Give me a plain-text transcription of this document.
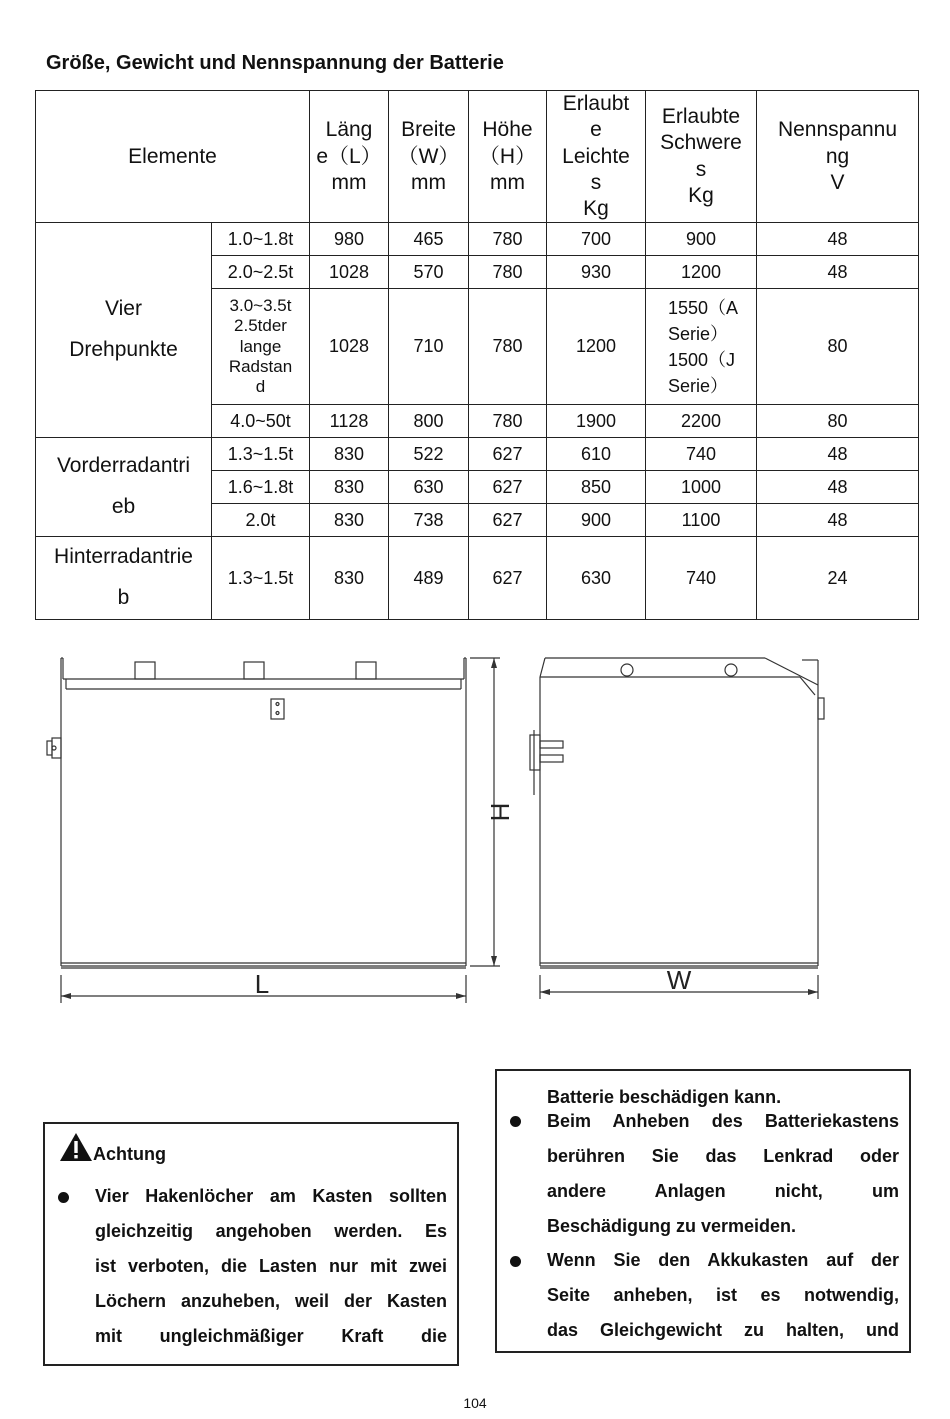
Größe, Gewicht und Nennspannung der Batterie
Elemente		Läng
e（L）
mm	Breite
（W）
mm	Höhe
（H）
mm	Erlaubt
e
Leichte
s
Kg	Erlaubte
Schwere
s
Kg	Nennspannu
ng
V

Vier
Drehpunkte	1.0~1.8t	980	465	780	700	900	48

	2.0~2.5t	1028	570	780	930	1200	48

	3.0~3.5t
2.5tder
lange
Radstan
d	1028	710	780	1200	1550（A
Serie）
1500（J
Serie）	80

	4.0~50t	1128	800	780	1900	2200	80

Vorderradantri
eb	1.3~1.5t	830	522	627	610	740	48

	1.6~1.8t	830	630	627	850	1000	48

	2.0t	830	738	627	900	1100	48

Hinterradantrie
b	1.3~1.5t	830	489	627	630	740	24
L	W
H
Achtung
Vier Hakenlöcher am Kasten sollten
gleichzeitig angehoben werden. Es
ist verboten, die Lasten nur mit zwei
Löchern anzuheben, weil der Kasten
mit ungleichmäßiger Kraft die
Batterie beschädigen kann.
Beim Anheben des Batteriekastens
berühren Sie das Lenkrad oder
andere Anlagen nicht, um
Beschädigung zu vermeiden.
Wenn Sie den Akkukasten auf der
Seite anheben, ist es notwendig,
das Gleichgewicht zu halten, und
104
